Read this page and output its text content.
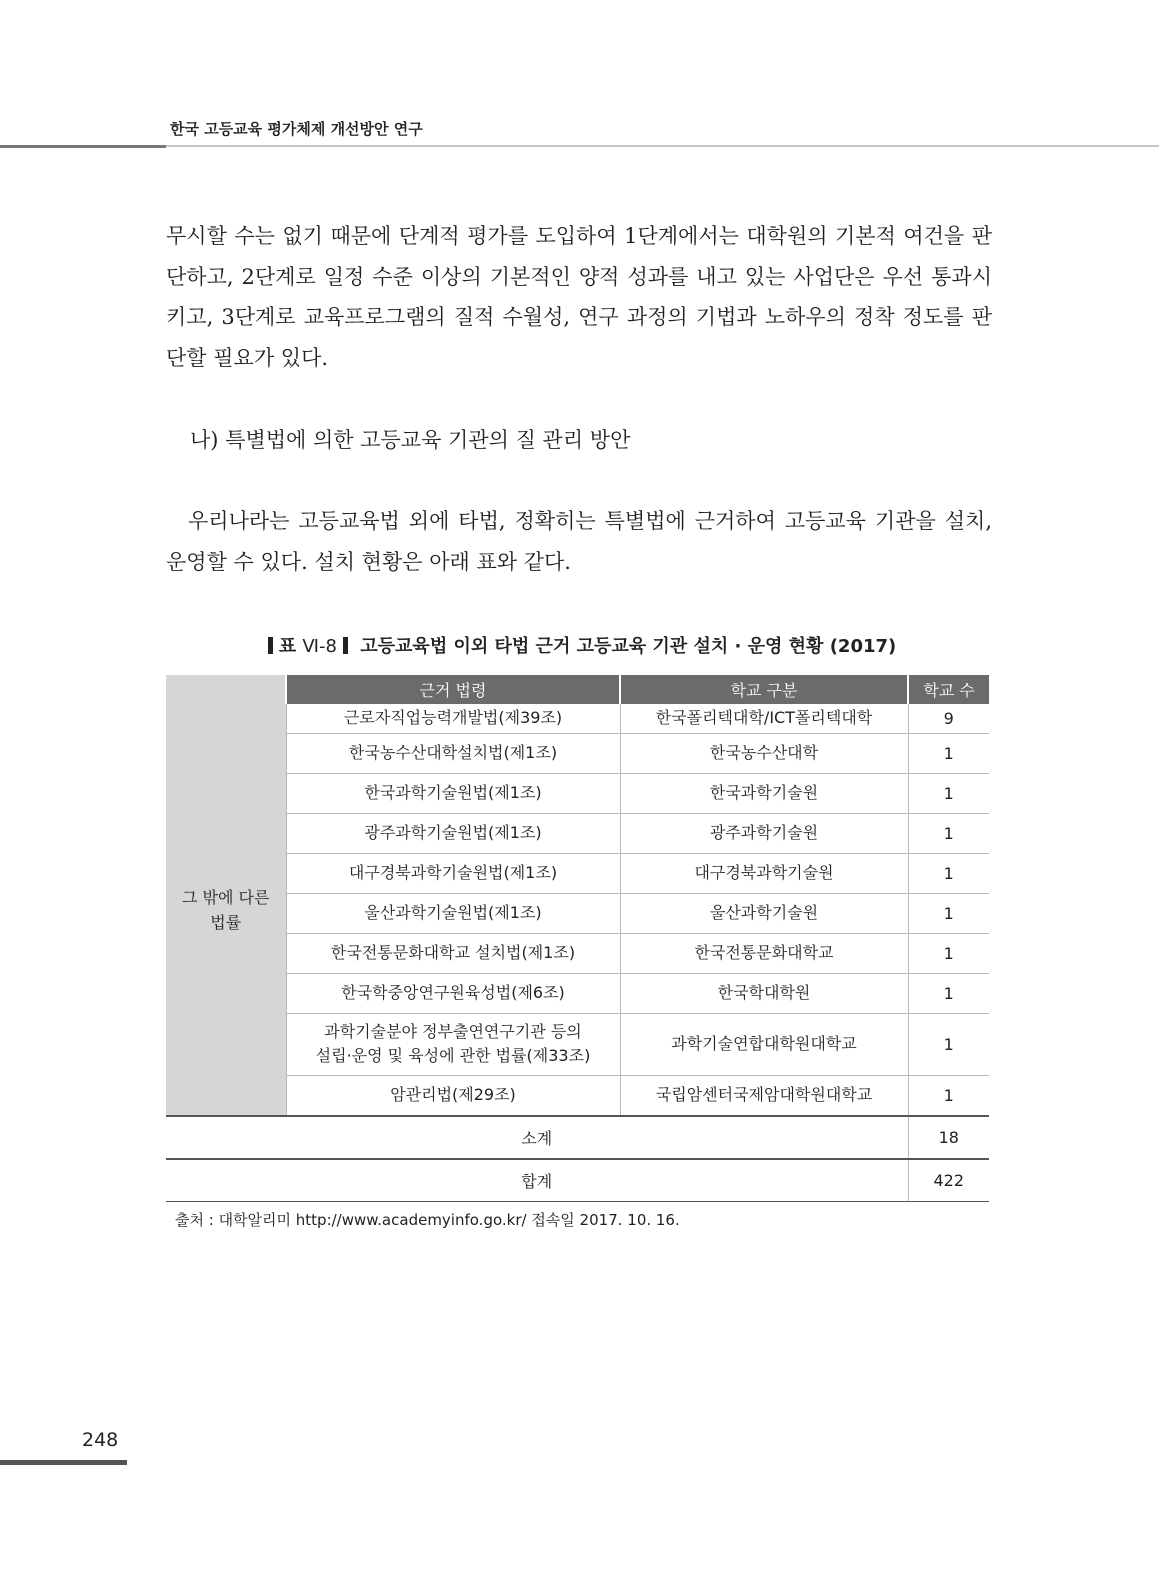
한국 고등교육 평가체제 개선방안 연구

무시할 수는 없기 때문에 단계적 평가를 도입하여 1단계에서는 대학원의 기본적 여건을 판단하고, 2단계로 일정 수준 이상의 기본적인 양적 성과를 내고 있는 사업단은 우선 통과시키고, 3단계로 교육프로그램의 질적 수월성, 연구 과정의 기법과 노하우의 정착 정도를 판단할 필요가 있다.

나) 특별법에 의한 고등교육 기관의 질 관리 방안

우리나라는 고등교육법 외에 타법, 정확히는 특별법에 근거하여 고등교육 기관을 설치, 운영할 수 있다. 설치 현황은 아래 표와 같다.

표 Ⅵ-8 고등교육법 이외 타법 근거 고등교육 기관 설치 · 운영 현황 (2017)
	근거 법령	학교 구분	학교 수
그 밖에 다른
법률	근로자직업능력개발법(제39조)	한국폴리텍대학/ICT폴리텍대학	9
	한국농수산대학설치법(제1조)	한국농수산대학	1
	한국과학기술원법(제1조)	한국과학기술원	1
	광주과학기술원법(제1조)	광주과학기술원	1
	대구경북과학기술원법(제1조)	대구경북과학기술원	1
	울산과학기술원법(제1조)	울산과학기술원	1
	한국전통문화대학교 설치법(제1조)	한국전통문화대학교	1
	한국학중앙연구원육성법(제6조)	한국학대학원	1
	과학기술분야 정부출연연구기관 등의
설립·운영 및 육성에 관한 법률(제33조)	과학기술연합대학원대학교	1
	암관리법(제29조)	국립암센터국제암대학원대학교	1
소계			18
합계			422
출처 : 대학알리미 http://www.academyinfo.go.kr/ 접속일 2017. 10. 16.
248
